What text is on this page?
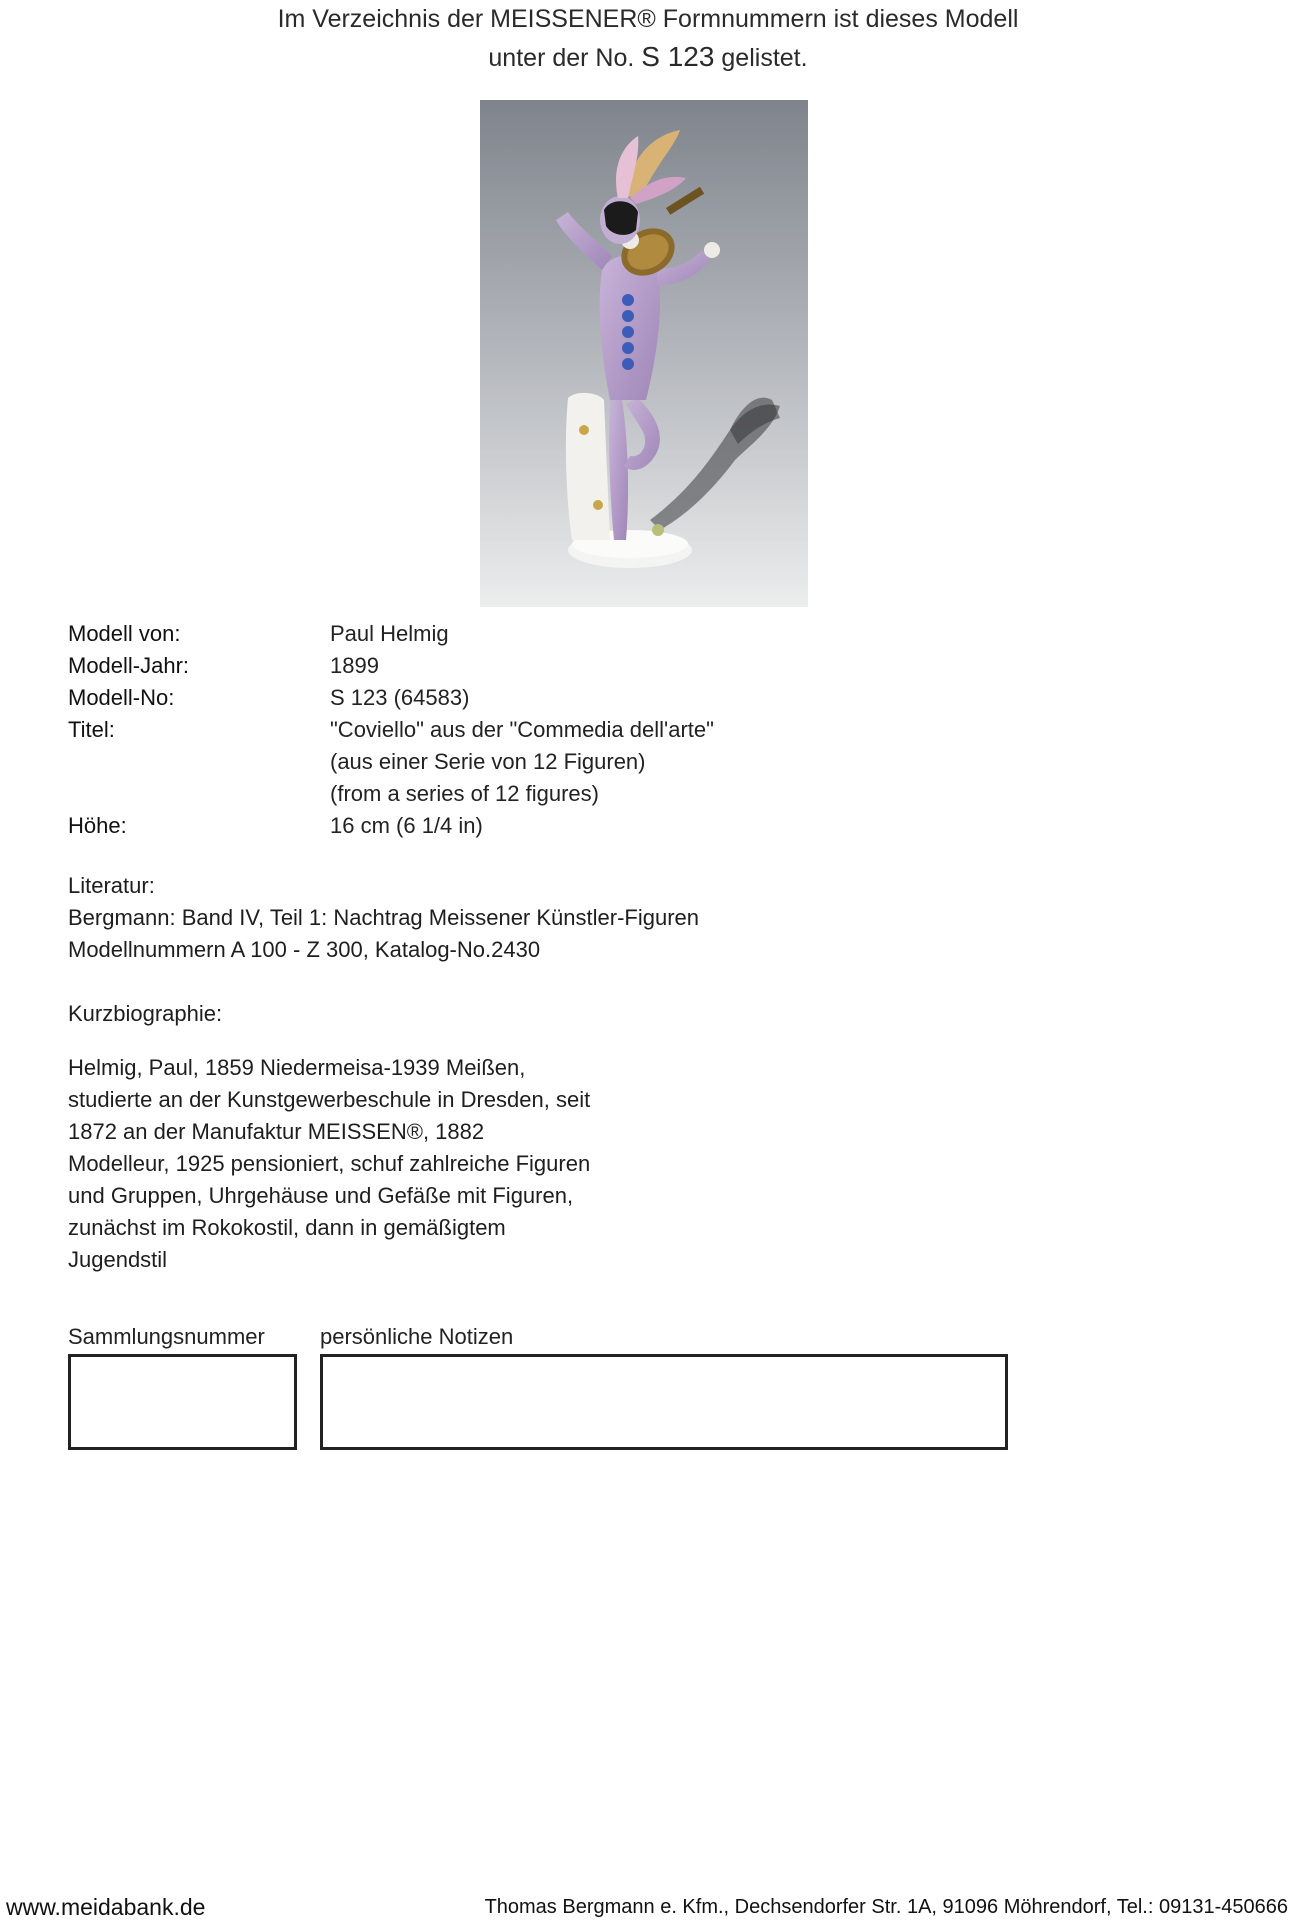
Im Verzeichnis der MEISSENER® Formnummern ist dieses Modell
unter der No. S 123 gelistet.
Modell von:	Paul Helmig
Modell-Jahr:	1899
Modell-No:	S 123 (64583)
Titel:	"Coviello" aus der "Commedia dell'arte"
(aus einer Serie von 12 Figuren)
(from a series of 12 figures)
Höhe:	16 cm (6 1/4 in)
Literatur:
Bergmann: Band IV, Teil 1: Nachtrag Meissener Künstler-Figuren
Modellnummern A 100 - Z 300, Katalog-No.2430
Kurzbiographie:
Helmig, Paul, 1859 Niedermeisa-1939 Meißen,
studierte an der Kunstgewerbeschule in Dresden, seit
1872 an der Manufaktur MEISSEN®, 1882
Modelleur, 1925 pensioniert, schuf zahlreiche Figuren
und Gruppen, Uhrgehäuse und Gefäße mit Figuren,
zunächst im Rokokostil, dann in gemäßigtem
Jugendstil
Sammlungsnummer	persönliche Notizen
www.meidabank.de	Thomas Bergmann e. Kfm., Dechsendorfer Str. 1A, 91096 Möhrendorf, Tel.: 09131-450666
